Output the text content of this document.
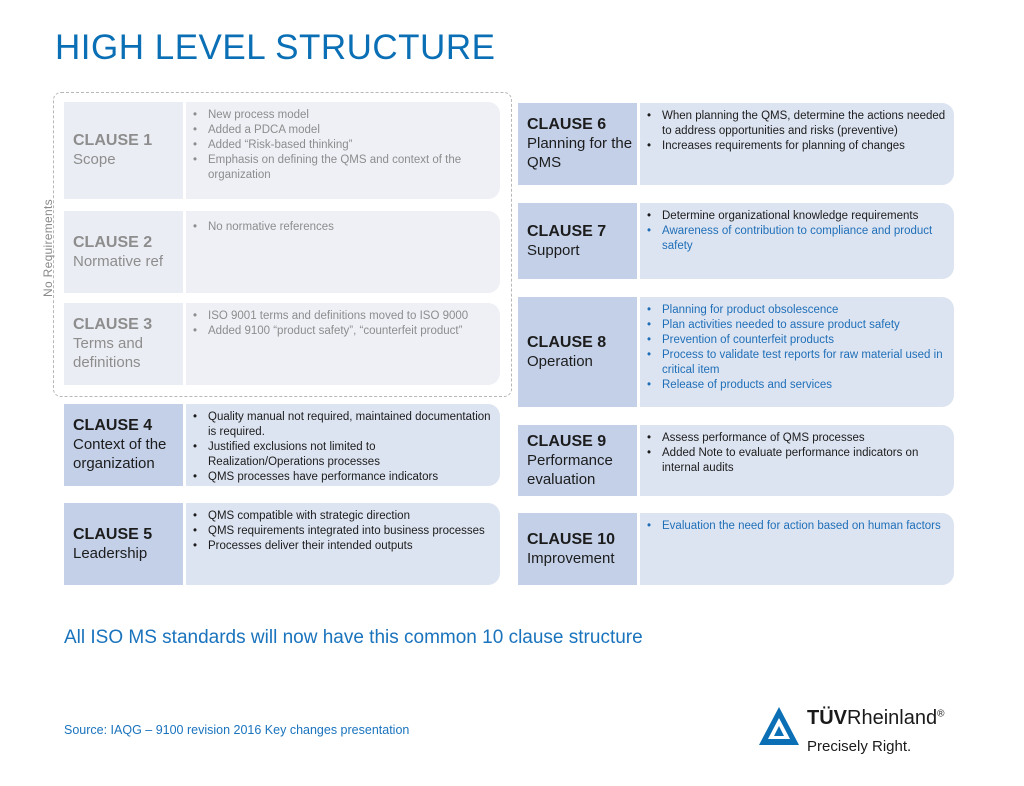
HIGH LEVEL STRUCTURE
No Requirements
CLAUSE 1
Scope
• New process model
• Added a PDCA model
• Added “Risk-based thinking”
• Emphasis on defining the QMS and context of the organization
CLAUSE 2
Normative ref
• No normative references
CLAUSE 3
Terms and definitions
• ISO 9001 terms and definitions moved to ISO 9000
• Added 9100 “product safety”, “counterfeit product”
CLAUSE 4
Context of the organization
• Quality manual not required, maintained documentation is required.
• Justified exclusions not limited to Realization/Operations processes
• QMS processes have performance indicators
CLAUSE 5
Leadership
• QMS compatible with strategic direction
• QMS requirements integrated into business processes
• Processes deliver their intended outputs
CLAUSE 6
Planning for the QMS
• When planning the QMS, determine the actions needed to address opportunities and risks (preventive)
• Increases requirements for planning of changes
CLAUSE 7
Support
• Determine organizational knowledge requirements
• Awareness of contribution to compliance and product safety
CLAUSE 8
Operation
• Planning for product obsolescence
• Plan activities needed to assure product safety
• Prevention of counterfeit products
• Process to validate test reports for raw material used in critical item
• Release of products and services
CLAUSE 9
Performance evaluation
• Assess performance of QMS processes
• Added Note to evaluate performance indicators on internal audits
CLAUSE 10
Improvement
• Evaluation the need for action based on human factors
All ISO MS standards will now have this common 10 clause structure
Source: IAQG – 9100 revision 2016 Key changes presentation
TÜVRheinland®
Precisely Right.
